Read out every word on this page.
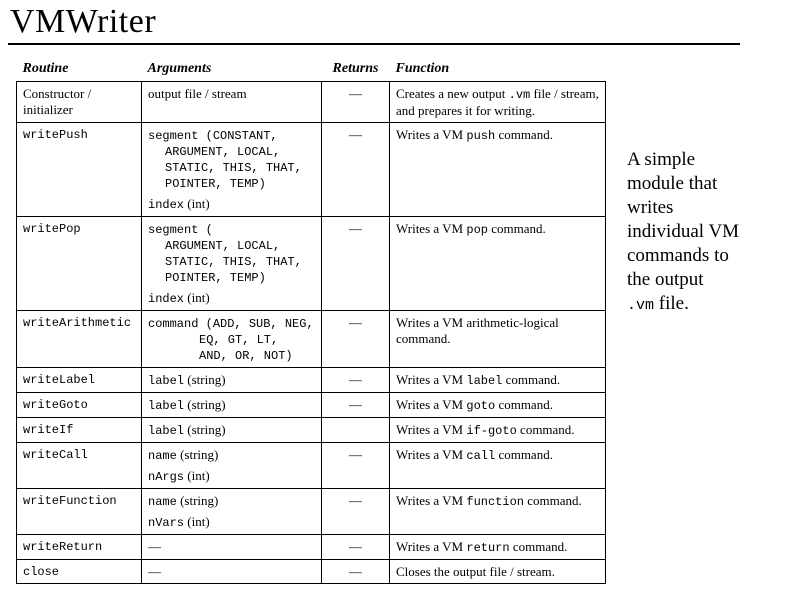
VMWriter
Routine	Arguments	Returns	Function

Constructor /
initializer	output file / stream	—	Creates a new output .vm file / stream, and prepares it for writing.
writePush	segment (CONSTANT,
ARGUMENT, LOCAL,
STATIC, THIS, THAT,
POINTER, TEMP)
index (int)	—	Writes a VM push command.
writePop	segment (
ARGUMENT, LOCAL,
STATIC, THIS, THAT,
POINTER, TEMP)
index (int)	—	Writes a VM pop command.
writeArithmetic	command (ADD, SUB, NEG,
EQ, GT, LT,
AND, OR, NOT)	—	Writes a VM arithmetic-logical command.
writeLabel	label (string)	—	Writes a VM label command.
writeGoto	label (string)	—	Writes a VM goto command.
writeIf	label (string)		Writes a VM if-goto command.
writeCall	name (string)
nArgs (int)	—	Writes a VM call command.
writeFunction	name (string)
nVars (int)	—	Writes a VM function command.
writeReturn	—	—	Writes a VM return command.
close	—	—	Closes the output file / stream.
A simple
module that
writes
individual VM
commands to
the output
.vm file.
